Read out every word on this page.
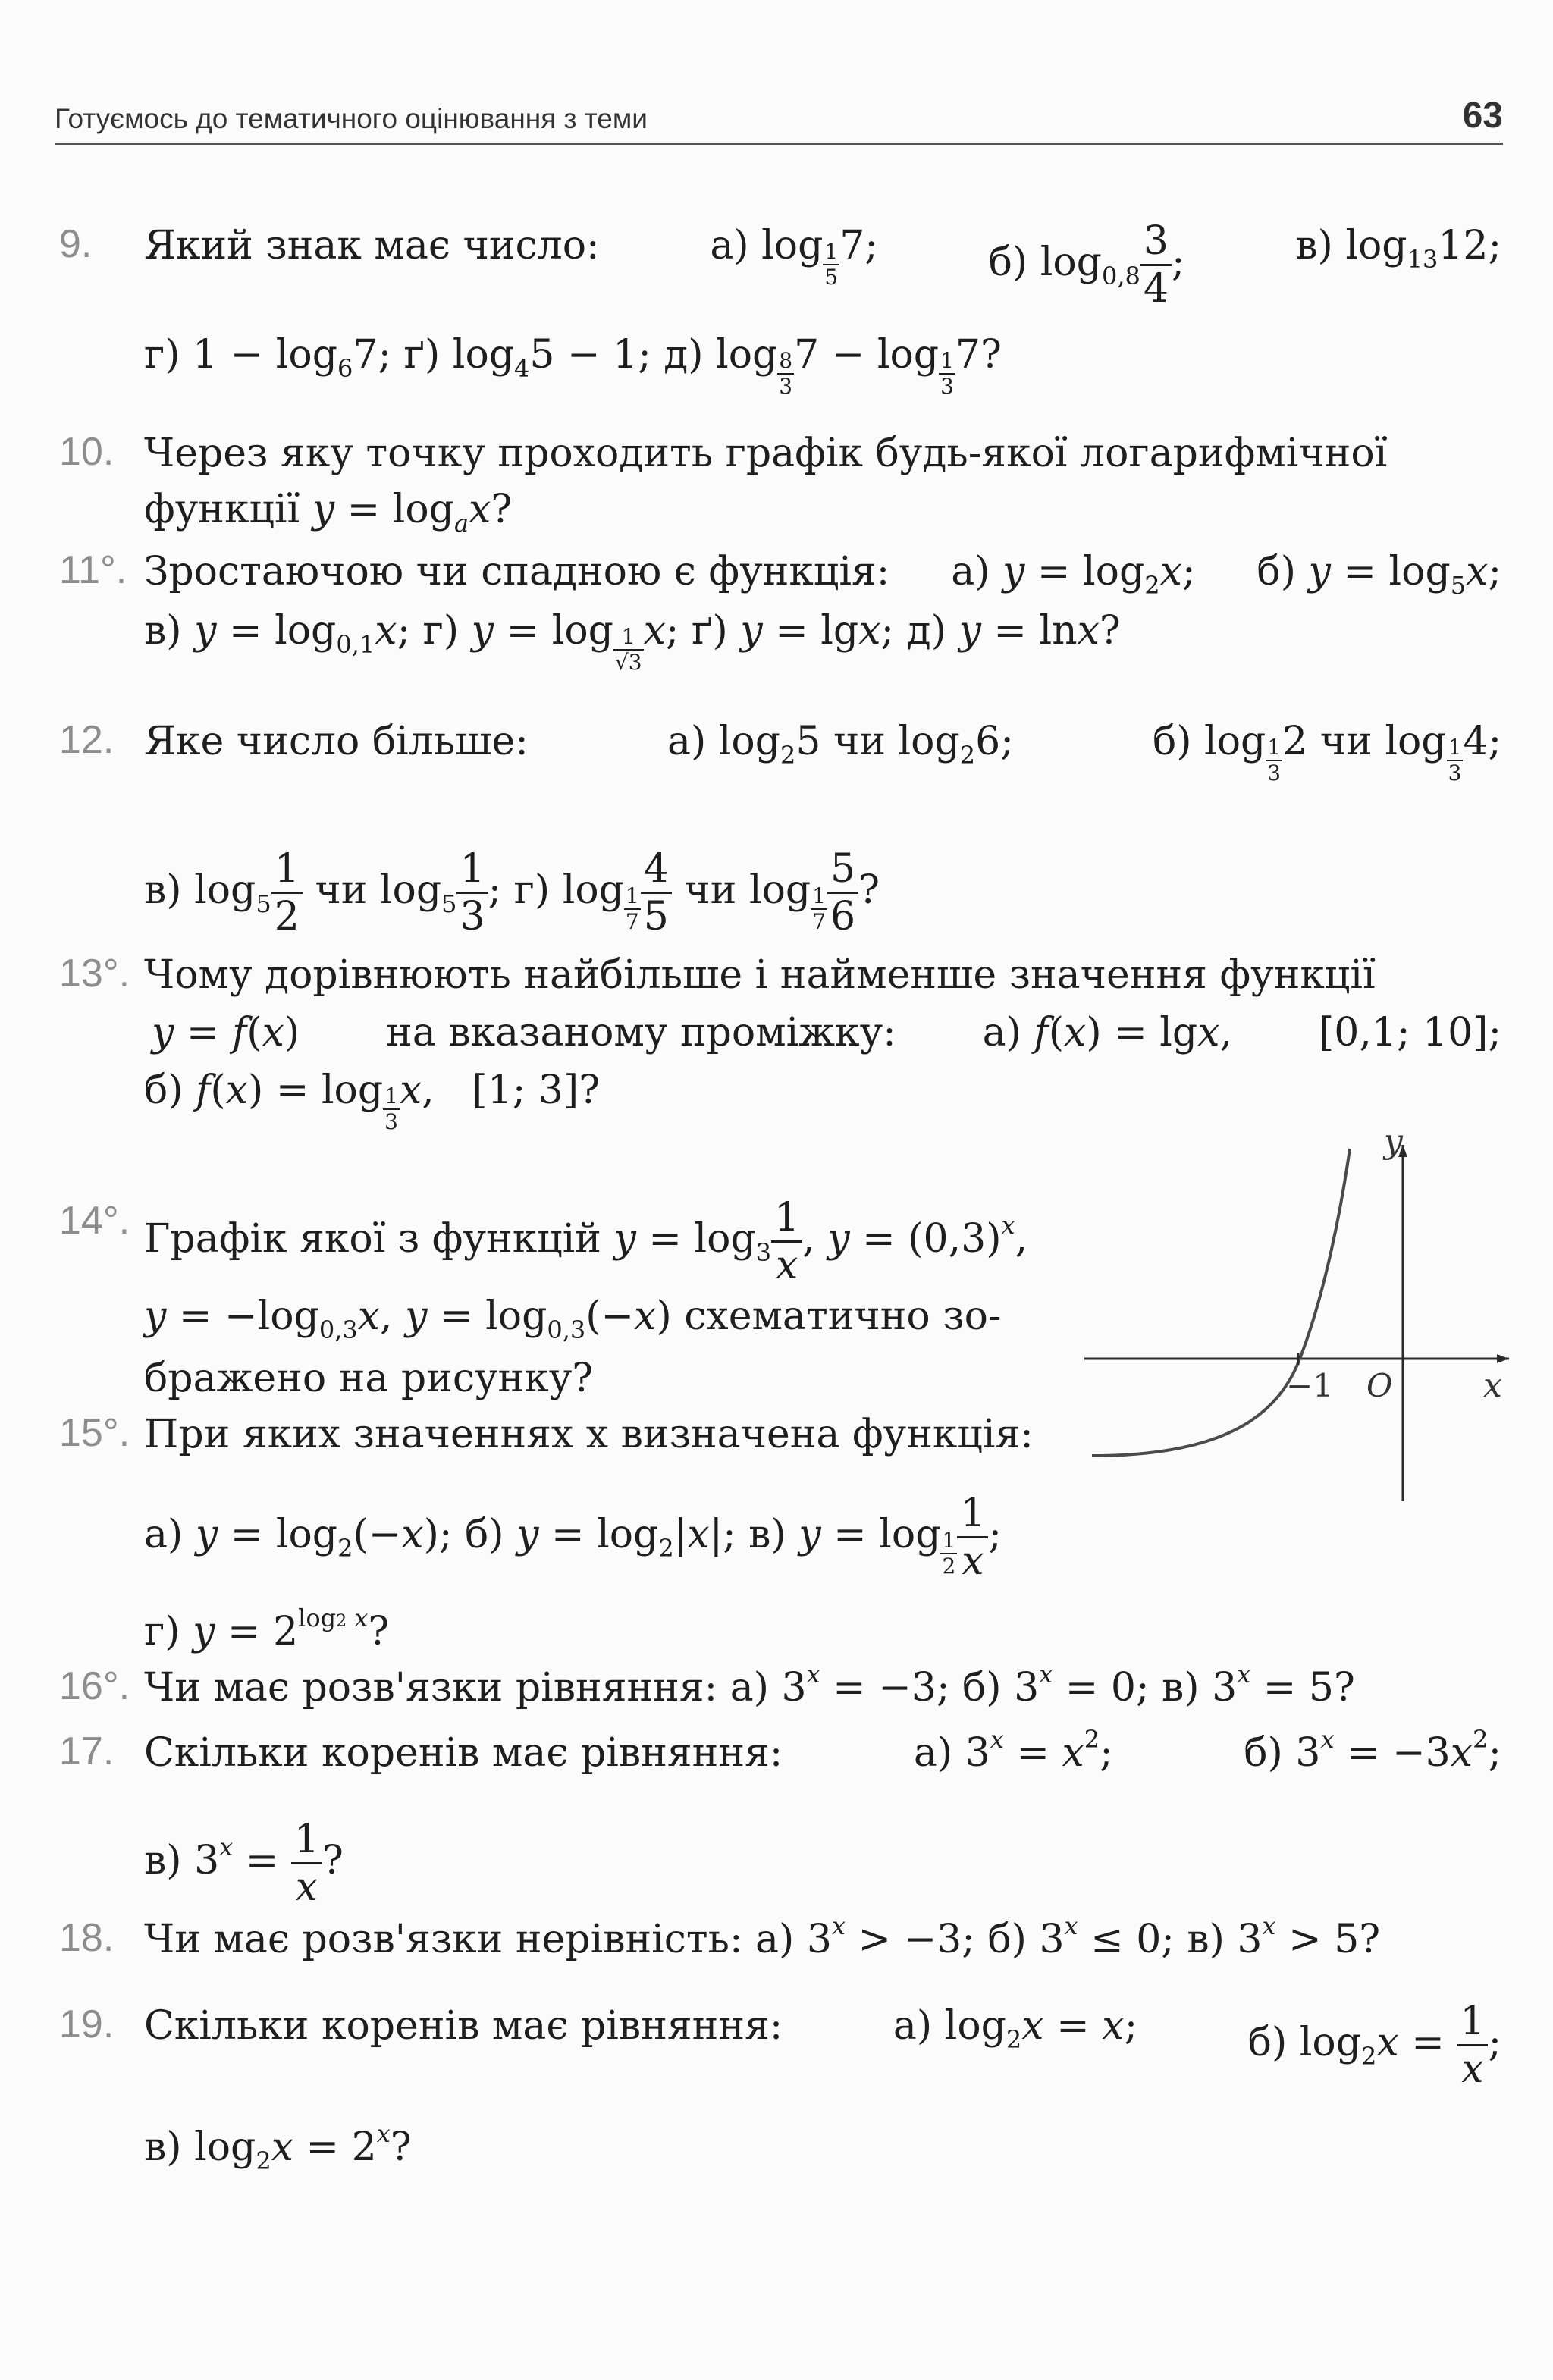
Готуємось до тематичного оцінювання з теми	63
9.	Який знак має число:	а) $\log \frac{1}{5} 7$;	б) $\log_{0,8} \frac{3}{4}$ ;	в) $\log_{13}12$;
г) $1 - \log_67$; ґ) $\log_45 - 1$; д) $\log \frac{8}{3} 7 - \log \frac{1}{3} 7$?
10. Через яку точку проходить графік будь-якої логарифмічної
функції $y = \log_ax$?
11°. Зростаючою чи спадною є функція: а) $y = \log_2x$; б) $y = \log_5x$;
в) $y = \log_{0,1}x$; г) $y = \log \frac{1}{√3} x$; ґ) y = lgx; д) y = lnx?
12. Яке число більше:	а) $\log_25$ чи $\log_26$;	б) $\log \frac{1}{3} 2$ чи $\log \frac{1}{3} 4$;
в) $\log_5 \frac{1}{2}$ чи $\log_5 \frac{1}{3}$ ; г) $\log \frac{1}{7} \frac{4}{5}$ чи $\log \frac{1}{7} \frac{5}{6}$ ?
13°. Чому дорівнюють найбільше і найменше значення функції
y = f(x) на вказаному проміжку: а) f(x) = lgx, [0,1; 10];
б) $f(x) = \log \frac{1}{3} x$,   [1; 3]?
14°. Графік якої з функцій $y = \log_3 \frac{1}{x}$ , $y = (0,3)^x$,
$y = -\log_{0,3}x$, $y = \log_{0,3}(-x)$ схематично зо-
бражено на рисунку?
15°. При яких значеннях x визначена функція:
а) $y = \log_2(-x)$; б) $y = \log_2|x|$; в) $y = \log \frac{1}{2} \frac{1}{x}$ ;
г) $y = 2^{log2 x}$?
y
x
−1 O
16°. Чи має розв'язки рівняння: а) $3^x = -3$; б) $3^x = 0$; в) $3^x = 5$?
17. Скільки коренів має рівняння:	а) $3^x = x^2$;	б) $3^x = -3x^2$;
в) $3^x = \frac{1}{x}$ ?
18. Чи має розв'язки нерівність: а) $3^x > -3$; б) $3^x \le 0$; в) $3^x > 5$?
19. Скільки коренів має рівняння:	а) $\log_2x = x$;	б) $\log_2x = \frac{1}{x}$ ;
в) $\log_2x = 2^x$?
